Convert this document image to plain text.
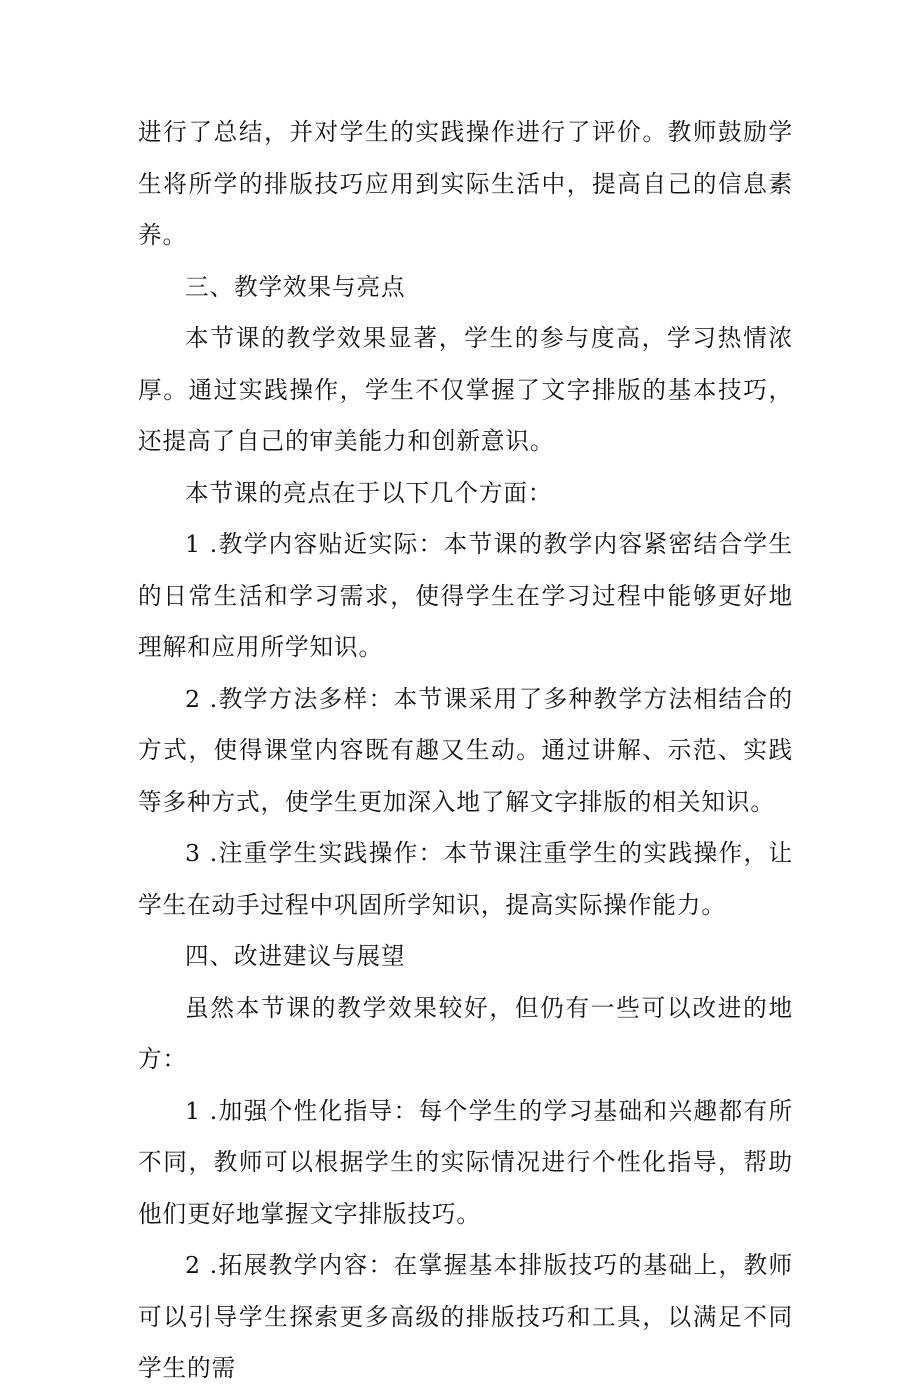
进行了总结，并对学生的实践操作进行了评价。教师鼓励学生将所学的排版技巧应用到实际生活中，提高自己的信息素养。

三、教学效果与亮点

本节课的教学效果显著，学生的参与度高，学习热情浓厚。通过实践操作，学生不仅掌握了文字排版的基本技巧，还提高了自己的审美能力和创新意识。

本节课的亮点在于以下几个方面：

1 .教学内容贴近实际：本节课的教学内容紧密结合学生的日常生活和学习需求，使得学生在学习过程中能够更好地理解和应用所学知识。

2 .教学方法多样：本节课采用了多种教学方法相结合的方式，使得课堂内容既有趣又生动。通过讲解、示范、实践等多种方式，使学生更加深入地了解文字排版的相关知识。

3 .注重学生实践操作：本节课注重学生的实践操作，让学生在动手过程中巩固所学知识，提高实际操作能力。

四、改进建议与展望

虽然本节课的教学效果较好，但仍有一些可以改进的地方：

1 .加强个性化指导：每个学生的学习基础和兴趣都有所不同，教师可以根据学生的实际情况进行个性化指导，帮助他们更好地掌握文字排版技巧。

2 .拓展教学内容：在掌握基本排版技巧的基础上，教师可以引导学生探索更多高级的排版技巧和工具，以满足不同学生的需
